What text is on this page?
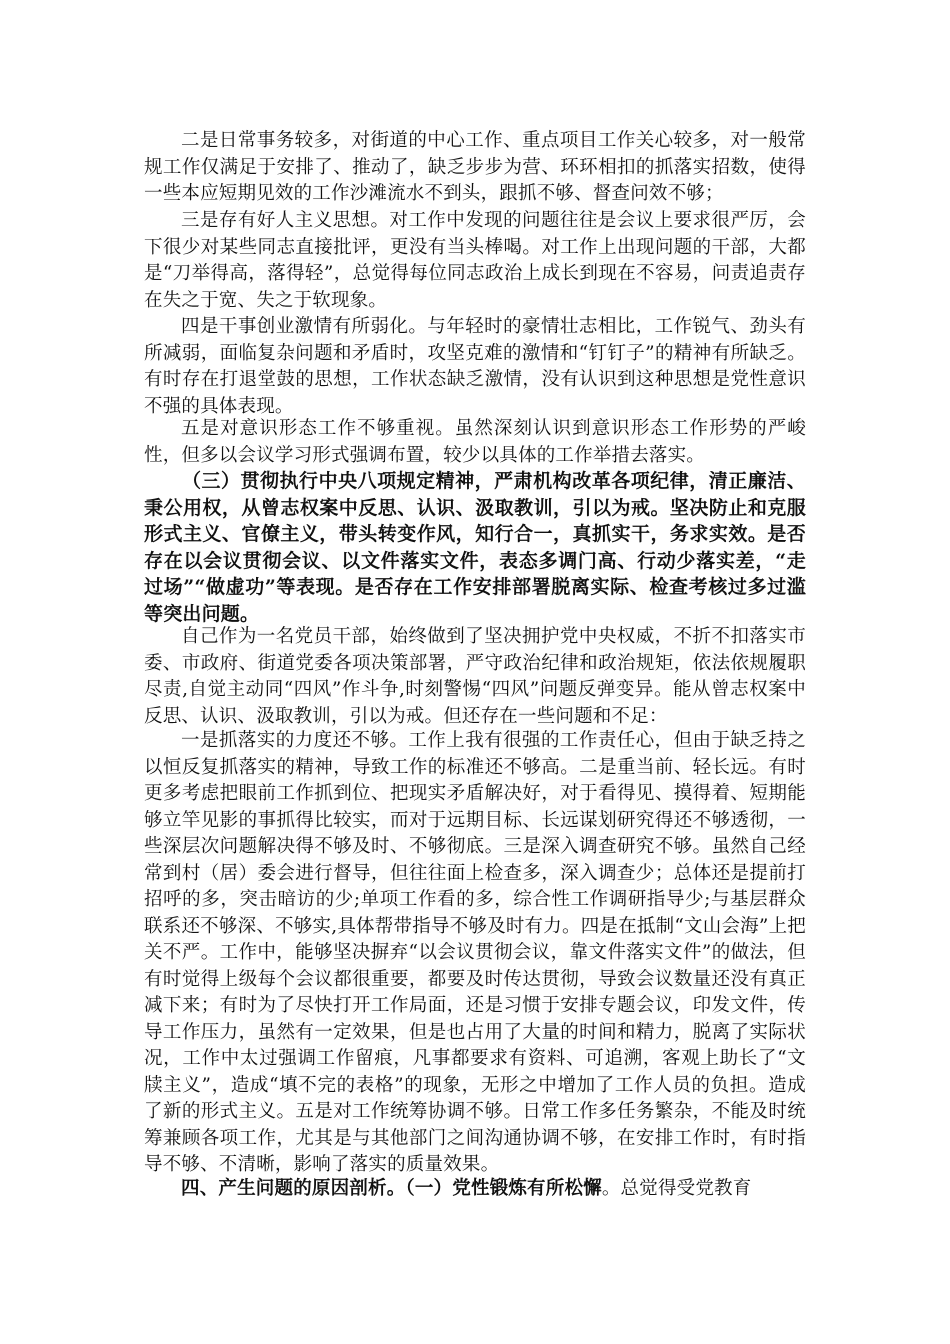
二是日常事务较多，对街道的中心工作、重点项目工作关心较多，对一般常规工作仅满足于安排了、推动了，缺乏步步为营、环环相扣的抓落实招数，使得一些本应短期见效的工作沙滩流水不到头，跟抓不够、督查问效不够；

三是存有好人主义思想。对工作中发现的问题往往是会议上要求很严厉，会下很少对某些同志直接批评，更没有当头棒喝。对工作上出现问题的干部，大都是“刀举得高，落得轻”，总觉得每位同志政治上成长到现在不容易，问责追责存在失之于宽、失之于软现象。

四是干事创业激情有所弱化。与年轻时的豪情壮志相比，工作锐气、劲头有所减弱，面临复杂问题和矛盾时，攻坚克难的激情和“钉钉子”的精神有所缺乏。有时存在打退堂鼓的思想，工作状态缺乏激情，没有认识到这种思想是党性意识不强的具体表现。

五是对意识形态工作不够重视。虽然深刻认识到意识形态工作形势的严峻性，但多以会议学习形式强调布置，较少以具体的工作举措去落实。

（三）贯彻执行中央八项规定精神，严肃机构改革各项纪律，清正廉洁、秉公用权，从曾志权案中反思、认识、汲取教训，引以为戒。坚决防止和克服形式主义、官僚主义，带头转变作风，知行合一，真抓实干，务求实效。是否存在以会议贯彻会议、以文件落实文件，表态多调门高、行动少落实差，“走过场”“做虚功”等表现。是否存在工作安排部署脱离实际、检查考核过多过滥等突出问题。

自己作为一名党员干部，始终做到了坚决拥护党中央权威，不折不扣落实市委、市政府、街道党委各项决策部署，严守政治纪律和政治规矩，依法依规履职尽责,自觉主动同“四风”作斗争,时刻警惕“四风”问题反弹变异。能从曾志权案中反思、认识、汲取教训，引以为戒。但还存在一些问题和不足：

一是抓落实的力度还不够。工作上我有很强的工作责任心，但由于缺乏持之以恒反复抓落实的精神，导致工作的标准还不够高。二是重当前、轻长远。有时更多考虑把眼前工作抓到位、把现实矛盾解决好，对于看得见、摸得着、短期能够立竿见影的事抓得比较实，而对于远期目标、长远谋划研究得还不够透彻，一些深层次问题解决得不够及时、不够彻底。三是深入调查研究不够。虽然自己经常到村（居）委会进行督导，但往往面上检查多，深入调查少；总体还是提前打招呼的多，突击暗访的少;单项工作看的多，综合性工作调研指导少;与基层群众联系还不够深、不够实,具体帮带指导不够及时有力。四是在抵制“文山会海”上把关不严。工作中，能够坚决摒弃“以会议贯彻会议，靠文件落实文件”的做法，但有时觉得上级每个会议都很重要，都要及时传达贯彻，导致会议数量还没有真正减下来；有时为了尽快打开工作局面，还是习惯于安排专题会议，印发文件，传导工作压力，虽然有一定效果，但是也占用了大量的时间和精力，脱离了实际状况，工作中太过强调工作留痕，凡事都要求有资料、可追溯，客观上助长了“文牍主义”，造成“填不完的表格”的现象，无形之中增加了工作人员的负担。造成了新的形式主义。五是对工作统筹协调不够。日常工作多任务繁杂，不能及时统筹兼顾各项工作，尤其是与其他部门之间沟通协调不够，在安排工作时，有时指导不够、不清晰，影响了落实的质量效果。

四、产生问题的原因剖析。（一）党性锻炼有所松懈。总觉得受党教育
